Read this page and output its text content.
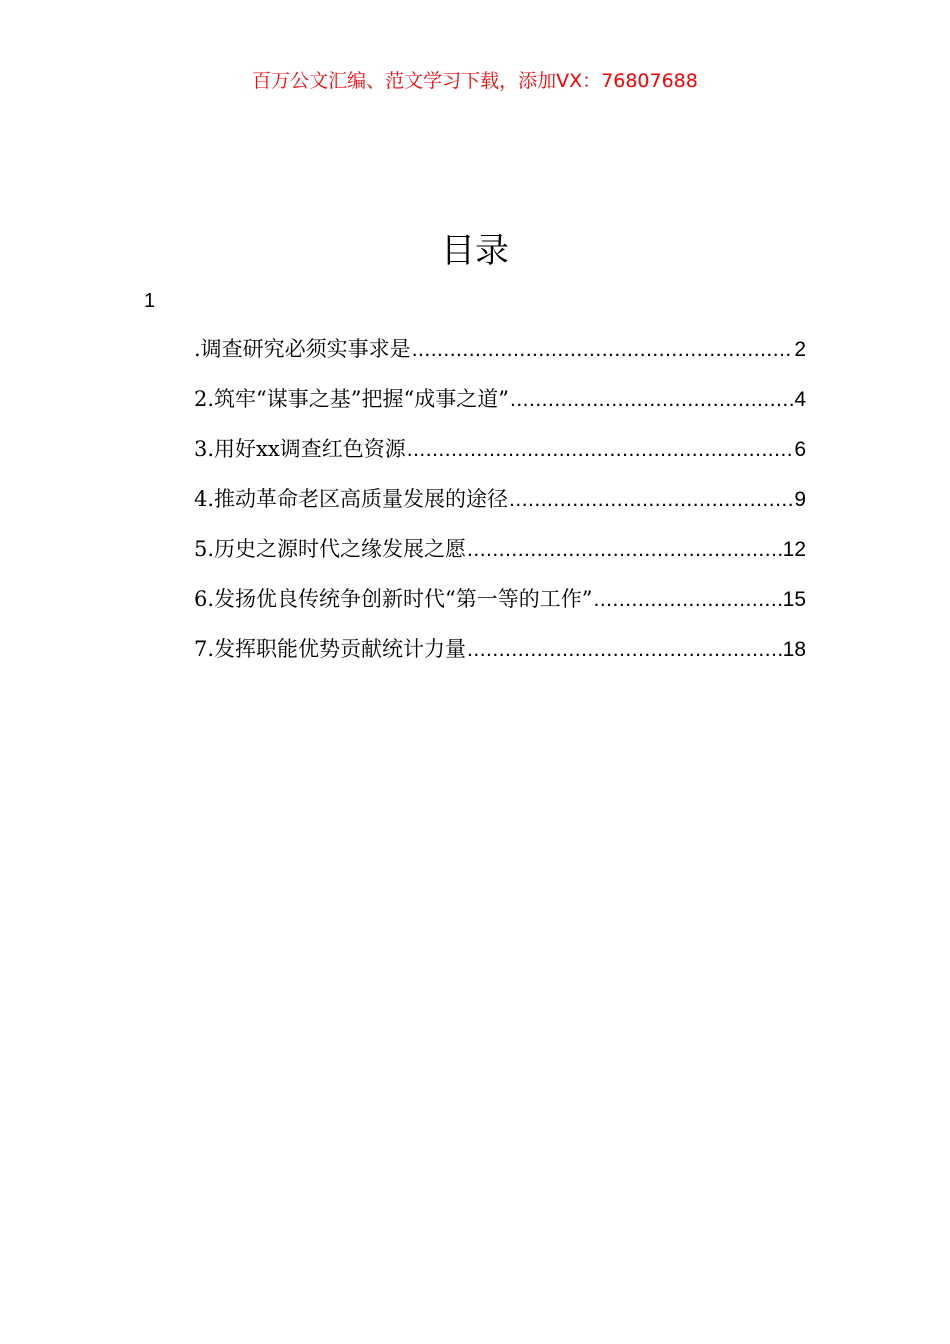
百万公文汇编、范文学习下载，添加VX：76807688
目录
1
.调查研究必须实事求是 .....	2
2.筑牢“谋事之基”把握“成事之道” .....	4
3.用好xx调查红色资源 .....	6
4.推动革命老区高质量发展的途径 .....	9
5.历史之源时代之缘发展之愿 .....	12
6.发扬优良传统争创新时代“第一等的工作” .....	15
7.发挥职能优势贡献统计力量 .....	18
